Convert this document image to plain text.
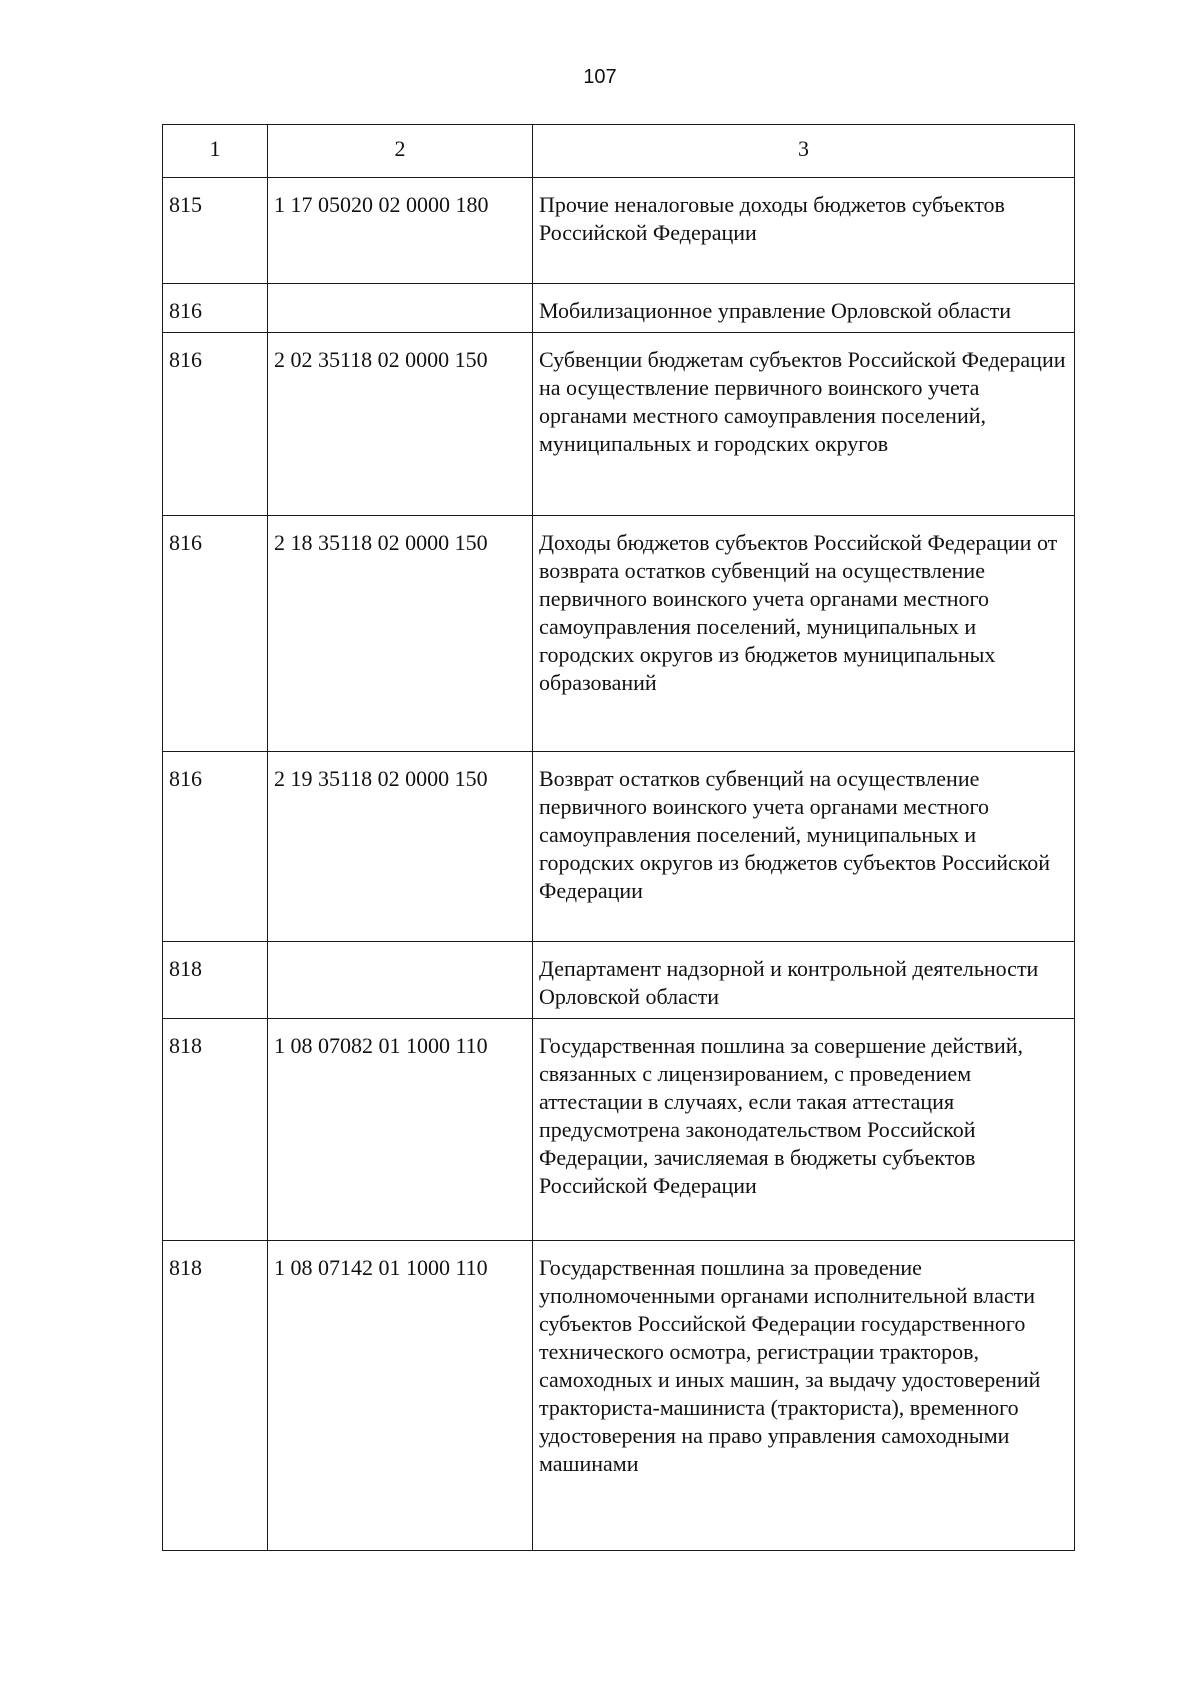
107
1	2	3
815	1 17 05020 02 0000 180	Прочие неналоговые доходы бюджетов субъектов Российской Федерации
816		Мобилизационное управление Орловской области
816	2 02 35118 02 0000 150	Субвенции бюджетам субъектов Российской Федерации на осуществление первичного воинского учета органами местного самоуправления поселений, муниципальных и городских округов
816	2 18 35118 02 0000 150	Доходы бюджетов субъектов Российской Федерации от возврата остатков субвенций на осуществление первичного воинского учета органами местного самоуправления поселений, муниципальных и городских округов из бюджетов муниципальных образований
816	2 19 35118 02 0000 150	Возврат остатков субвенций на осуществление первичного воинского учета органами местного самоуправления поселений, муниципальных и городских округов из бюджетов субъектов Российской Федерации
818		Департамент надзорной и контрольной деятельности Орловской области
818	1 08 07082 01 1000 110	Государственная пошлина за совершение действий, связанных с лицензированием, с проведением аттестации в случаях, если такая аттестация предусмотрена законодательством Российской Федерации, зачисляемая в бюджеты субъектов Российской Федерации
818	1 08 07142 01 1000 110	Государственная пошлина за проведение уполномоченными органами исполнительной власти субъектов Российской Федерации государственного технического осмотра, регистрации тракторов, самоходных и иных машин, за выдачу удостоверений тракториста-машиниста (тракториста), временного удостоверения на право управления самоходными машинами
